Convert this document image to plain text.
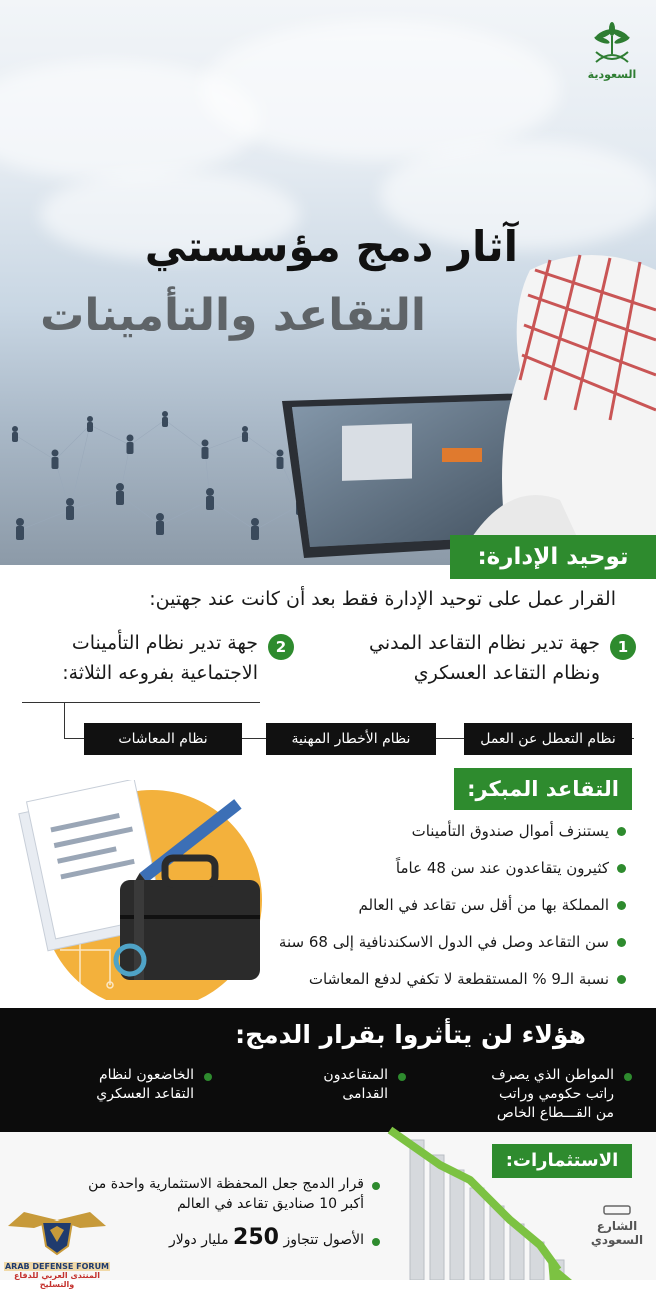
السعودية
آثار دمج مؤسستي
التقاعد والتأمينات
توحيد الإدارة:
القرار عمل على توحيد الإدارة فقط بعد أن كانت عند جهتين:
1
جهة تدير نظام التقاعد المدني
ونظام التقاعد العسكري
2
جهة تدير نظام التأمينات
الاجتماعية بفروعه الثلاثة:
نظام التعطل عن العمل
نظام الأخطار المهنية
نظام المعاشات
التقاعد المبكر:
يستنزف أموال صندوق التأمينات
كثيرون يتقاعدون عند سن 48 عاماً
المملكة بها من أقل سن تقاعد في العالم
سن التقاعد وصل في الدول الاسكندنافية إلى 68 سنة
نسبة الـ9 % المستقطعة لا تكفي لدفع المعاشات
هؤلاء لن يتأثروا بقرار الدمج:
المواطن الذي يصرف
راتب حكومي وراتب
من القـــطاع الخاص
المتقاعدون
القدامى
الخاضعون لنظام
التقاعد العسكري
الاستثمارات:
قرار الدمج جعل المحفظة الاستثمارية واحدة من
أكبر 10 صناديق تقاعد في العالم
الأصول تتجاوز 250 مليار دولار
ARAB DEFENSE FORUM
المنتدى العربي للدفاع والتسليح
الشارع
السعودي
